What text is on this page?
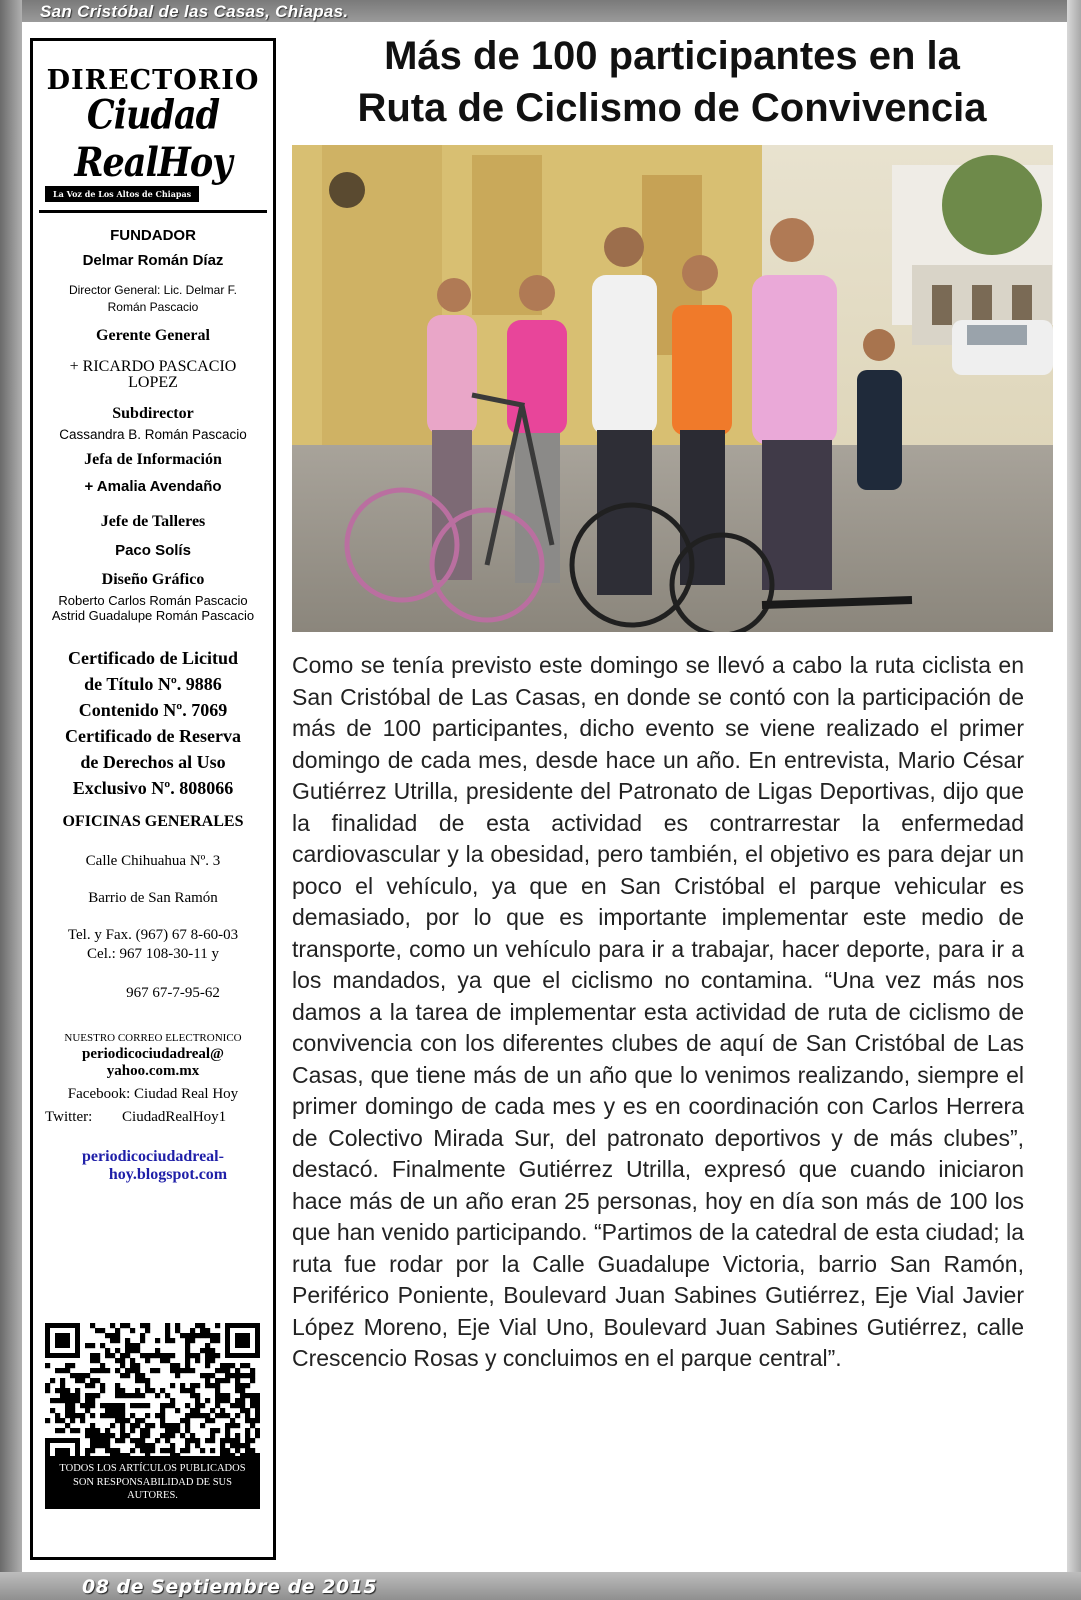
San Cristóbal de las Casas, Chiapas.
08 de Septiembre de 2015
DIRECTORIO
Ciudad RealHoy
La Voz de Los Altos de Chiapas
FUNDADOR
Delmar Román Díaz
Director General: Lic. Delmar F.
Román Pascacio
Gerente General
+ RICARDO PASCACIO
LOPEZ
Subdirector
Cassandra B. Román Pascacio
Jefa de Información
+ Amalia Avendaño
Jefe de Talleres
Paco Solís
Diseño Gráfico
Roberto Carlos Román Pascacio
Astrid Guadalupe Román Pascacio
Certificado de Licitud
de Título Nº. 9886
Contenido Nº. 7069
Certificado de Reserva
de Derechos al Uso
Exclusivo Nº. 808066
OFICINAS GENERALES
Calle Chihuahua Nº. 3
Barrio de San Ramón
Tel. y Fax. (967) 67 8-60-03
Cel.: 967 108-30-11 y
967 67-7-95-62
NUESTRO CORREO ELECTRONICO
periodicociudadreal@
yahoo.com.mx
Facebook: Ciudad Real Hoy
Twitter: CiudadRealHoy1
periodicociudadreal-
hoy.blogspot.com
TODOS LOS ARTÍCULOS PUBLICADOS
SON RESPONSABILIDAD DE SUS
AUTORES.
Más de 100 participantes en la
Ruta de Ciclismo de Convivencia
Como se tenía previsto este domingo se llevó a cabo la ruta ciclista en San Cristóbal de Las Casas, en donde se contó con la participación de más de 100 participantes, dicho evento se viene realizado el primer domingo de cada mes, desde hace un año. En entrevista, Mario César Gutiérrez Utrilla, presidente del Patronato de Ligas Deportivas, dijo que la finalidad de esta actividad es contrarrestar la enfermedad cardiovascular y la obesidad, pero también, el objetivo es para dejar un poco el vehículo, ya que en San Cristóbal el parque vehicular es demasiado, por lo que es importante implementar este medio de transporte, como un vehículo para ir a trabajar, hacer deporte, para ir a los mandados, ya que el ciclismo no contamina. “Una vez más nos damos a la tarea de implementar esta actividad de ruta de ciclismo de convivencia con los diferentes clubes de aquí de San Cristóbal de Las Casas, que tiene más de un año que lo venimos realizando, siempre el primer domingo de cada mes y es en coordinación con Carlos Herrera de Colectivo Mirada Sur, del patronato deportivos y de más clubes”, destacó. Finalmente Gutiérrez Utrilla, expresó que cuando iniciaron hace más de un año eran 25 personas, hoy en día son más de 100 los que han venido participando. “Partimos de la catedral de esta ciudad; la ruta fue rodar por la Calle Guadalupe Victoria, barrio San Ramón, Periférico Poniente, Boulevard Juan Sabines Gutiérrez, Eje Vial Javier López Moreno, Eje Vial Uno, Boulevard Juan Sabines Gutiérrez, calle Crescencio Rosas y concluimos en el parque central”.
